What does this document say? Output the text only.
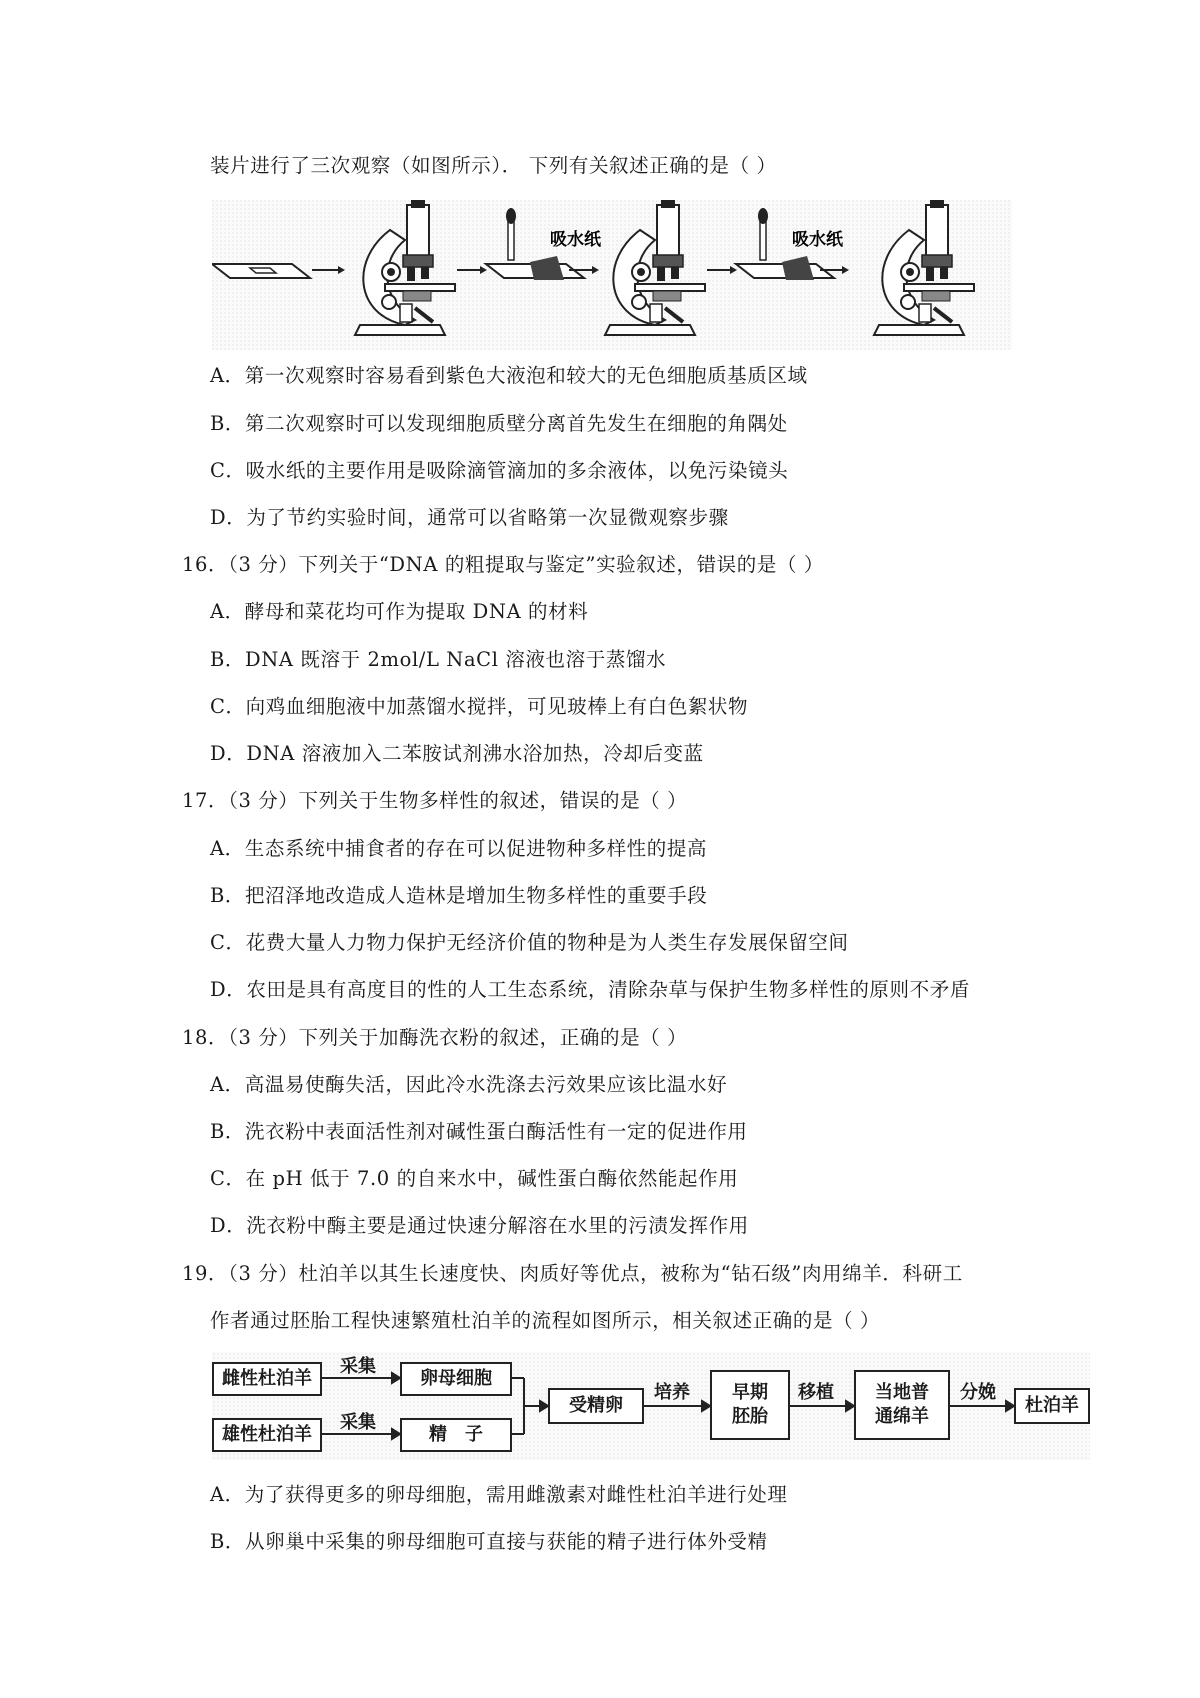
装片进行了三次观察（如图所示）． 下列有关叙述正确的是（ ）
吸水纸	吸水纸
A．第一次观察时容易看到紫色大液泡和较大的无色细胞质基质区域
B．第二次观察时可以发现细胞质壁分离首先发生在细胞的角隅处
C．吸水纸的主要作用是吸除滴管滴加的多余液体，以免污染镜头
D．为了节约实验时间，通常可以省略第一次显微观察步骤
16．（3 分）下列关于“DNA 的粗提取与鉴定”实验叙述，错误的是（ ）
A．酵母和菜花均可作为提取 DNA 的材料
B．DNA 既溶于 2mol/L NaCl 溶液也溶于蒸馏水
C．向鸡血细胞液中加蒸馏水搅拌，可见玻棒上有白色絮状物
D．DNA 溶液加入二苯胺试剂沸水浴加热，冷却后变蓝
17．（3 分）下列关于生物多样性的叙述，错误的是（ ）
A．生态系统中捕食者的存在可以促进物种多样性的提高
B．把沼泽地改造成人造林是增加生物多样性的重要手段
C．花费大量人力物力保护无经济价值的物种是为人类生存发展保留空间
D．农田是具有高度目的性的人工生态系统，清除杂草与保护生物多样性的原则不矛盾
18．（3 分）下列关于加酶洗衣粉的叙述，正确的是（ ）
A．高温易使酶失活，因此冷水洗涤去污效果应该比温水好
B．洗衣粉中表面活性剂对碱性蛋白酶活性有一定的促进作用
C．在 pH 低于 7.0 的自来水中，碱性蛋白酶依然能起作用
D．洗衣粉中酶主要是通过快速分解溶在水里的污渍发挥作用
19．（3 分）杜泊羊以其生长速度快、肉质好等优点，被称为“钻石级”肉用绵羊．科研工
作者通过胚胎工程快速繁殖杜泊羊的流程如图所示，相关叙述正确的是（ ）
雌性杜泊羊
雄性杜泊羊
采集
采集
卵母细胞
精　子
受精卵
培养 早期
胚胎
移植 当地普
通绵羊
分娩
杜泊羊
A．为了获得更多的卵母细胞，需用雌激素对雌性杜泊羊进行处理
B．从卵巢中采集的卵母细胞可直接与获能的精子进行体外受精
